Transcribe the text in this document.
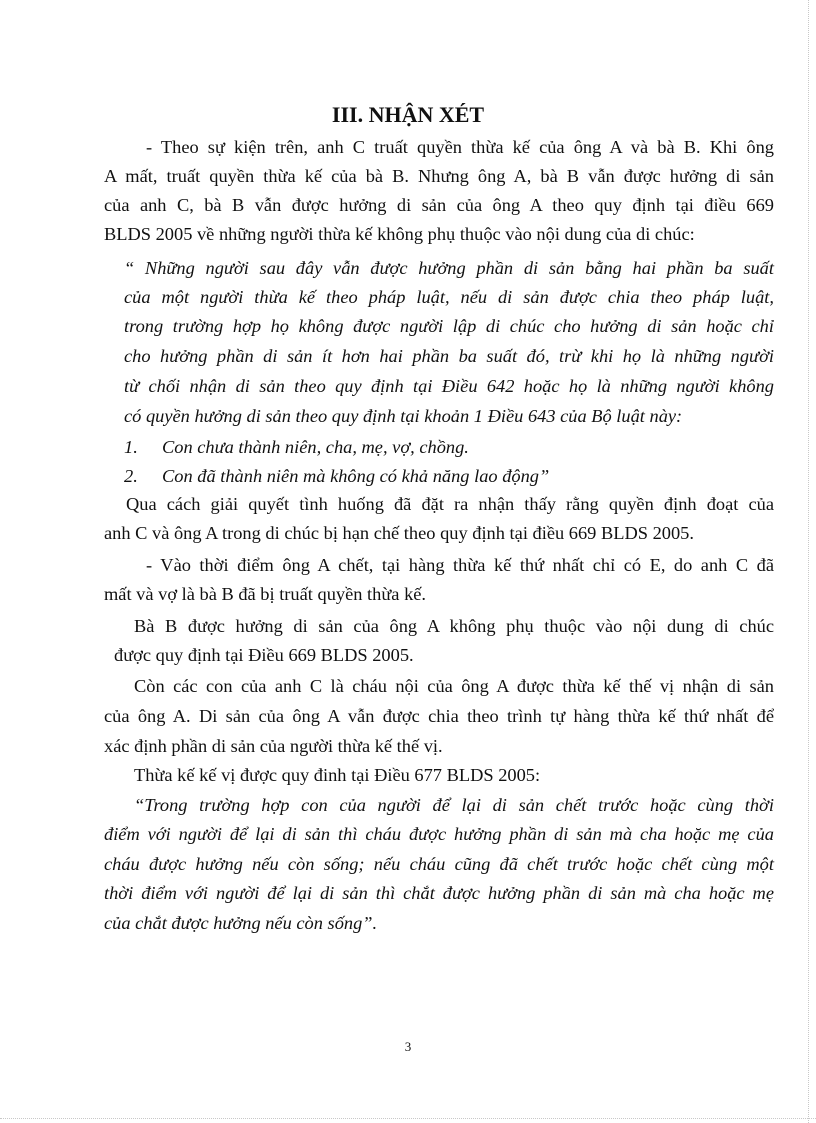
III. NHẬN XÉT
- Theo sự kiện trên, anh C truất quyền thừa kế của ông A và bà B. Khi ông
A mất, truất quyền thừa kế của bà B. Nhưng ông A, bà B vẫn được hưởng di sản
của anh C, bà B vẫn được hưởng di sản của ông A theo quy định tại điều 669
BLDS 2005 về những người thừa kế không phụ thuộc vào nội dung của di chúc:
“ Những người sau đây vẫn được hưởng phần di sản bằng hai phần ba suất
của một người thừa kế theo pháp luật, nếu di sản được chia theo pháp luật,
trong trường hợp họ không được người lập di chúc cho hưởng di sản hoặc chỉ
cho hưởng phần di sản ít hơn hai phần ba suất đó, trừ khi họ là những người
từ chối nhận di sản theo quy định tại Điều 642 hoặc họ là những người không
có quyền hưởng di sản theo quy định tại khoản 1 Điều 643 của Bộ luật này:
1. Con chưa thành niên, cha, mẹ, vợ, chồng.
2. Con đã thành niên mà không có khả năng lao động”
Qua cách giải quyết tình huống đã đặt ra nhận thấy rằng quyền định đoạt của
anh C và ông A trong di chúc bị hạn chế theo quy định tại điều 669 BLDS 2005.
- Vào thời điểm ông A chết, tại hàng thừa kế thứ nhất chỉ có E, do anh C đã
mất và vợ là bà B đã bị truất quyền thừa kế.
Bà B được hưởng di sản của ông A không phụ thuộc vào nội dung di chúc
được quy định tại Điều 669 BLDS 2005.
Còn các con của anh C là cháu nội của ông A được thừa kế thế vị nhận di sản
của ông A. Di sản của ông A vẫn được chia theo trình tự hàng thừa kế thứ nhất để
xác định phần di sản của người thừa kế thế vị.
Thừa kế kế vị được quy đinh tại Điều 677 BLDS 2005:
“Trong trường hợp con của người để lại di sản chết trước hoặc cùng thời
điểm với người để lại di sản thì cháu được hưởng phần di sản mà cha hoặc mẹ của
cháu được hưởng nếu còn sống; nếu cháu cũng đã chết trước hoặc chết cùng một
thời điểm với người để lại di sản thì chắt được hưởng phần di sản mà cha hoặc mẹ
của chắt được hưởng nếu còn sống”.
3
